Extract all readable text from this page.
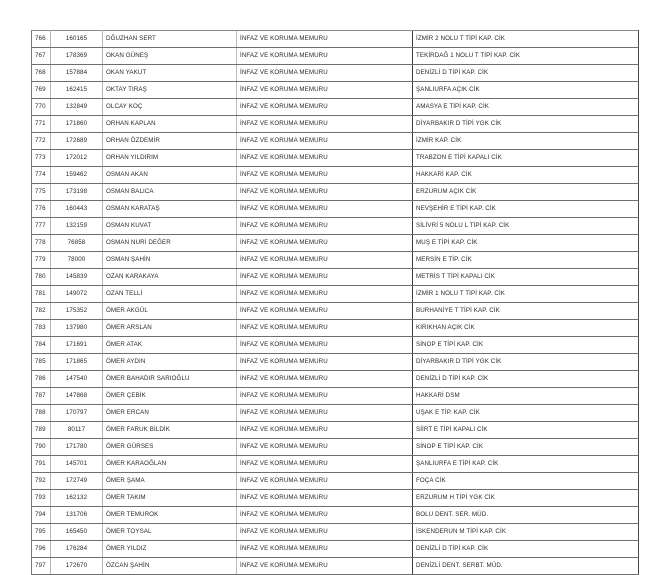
766	160165	DĞUZHAN SERT	İNFAZ VE KORUMA MEMURU	İZMİR 2 NOLU T TİPİ KAP. CİK
767	178369	OKAN GÜNEŞ	İNFAZ VE KORUMA MEMURU	TEKİRDAĞ 1 NOLU T TİPİ KAP. CİK
768	157884	OKAN YAKUT	İNFAZ VE KORUMA MEMURU	DENİZLİ D TİPİ KAP. CİK
769	162415	OKTAY TIRAŞ	İNFAZ VE KORUMA MEMURU	ŞANLIURFA AÇIK CİK
770	132849	OLCAY KOÇ	İNFAZ VE KORUMA MEMURU	AMASYA E TİPİ KAP. CİK
771	171860	ORHAN KAPLAN	İNFAZ VE KORUMA MEMURU	DİYARBAKIR D TİPİ YGK CİK
772	172689	ORHAN ÖZDEMİR	İNFAZ VE KORUMA MEMURU	İZMİR KAP. CİK
773	172012	ORHAN YILDIRIM	İNFAZ VE KORUMA MEMURU	TRABZON E TİPİ KAPALI CİK
774	159462	OSMAN AKAN	İNFAZ VE KORUMA MEMURU	HAKKARİ KAP. CİK
775	173198	OSMAN BALICA	İNFAZ VE KORUMA MEMURU	ERZURUM AÇIK CİK
776	160443	OSMAN KARATAŞ	İNFAZ VE KORUMA MEMURU	NEVŞEHİR E TİPİ KAP. CİK
777	132159	OSMAN KUVAT	İNFAZ VE KORUMA MEMURU	SİLİVRİ 5 NOLU L TİPİ KAP. CİK
778	76858	OSMAN NURİ DEĞER	İNFAZ VE KORUMA MEMURU	MUŞ E TİPİ KAP. CİK
779	78000	OSMAN ŞAHİN	İNFAZ VE KORUMA MEMURU	MERSİN E TİP. CİK
780	145839	OZAN KARAKAYA	İNFAZ VE KORUMA MEMURU	METRİS T TİPİ KAPALI CİK
781	149072	OZAN TELLİ	İNFAZ VE KORUMA MEMURU	İZMİR 1 NOLU T TİPİ KAP. CİK
782	175352	ÖMER AKGÜL	İNFAZ VE KORUMA MEMURU	BURHANİYE T TİPİ KAP. CİK
783	137980	ÖMER ARSLAN	İNFAZ VE KORUMA MEMURU	KIRIKHAN AÇIK CİK
784	171691	ÖMER ATAK	İNFAZ VE KORUMA MEMURU	SİNOP E TİPİ KAP. CİK
785	171865	ÖMER AYDIN	İNFAZ VE KORUMA MEMURU	DİYARBAKIR D TİPİ YGK CİK
786	147540	ÖMER BAHADIR SARIOĞLU	İNFAZ VE KORUMA MEMURU	DENİZLİ D TİPİ KAP. CİK
787	147868	ÖMER ÇEBİK	İNFAZ VE KORUMA MEMURU	HAKKARİ DSM
788	170797	ÖMER ERCAN	İNFAZ VE KORUMA MEMURU	UŞAK E TİP. KAP. CİK
789	80117	ÖMER FARUK BİLDİK	İNFAZ VE KORUMA MEMURU	SİİRT E TİPİ KAPALI CİK
790	171780	ÖMER GÜRSES	İNFAZ VE KORUMA MEMURU	SİNOP E TİPİ KAP. CİK
791	145701	ÖMER KARAOĞLAN	İNFAZ VE KORUMA MEMURU	ŞANLIURFA E TİPİ KAP. CİK
792	172749	ÖMER ŞAMA	İNFAZ VE KORUMA MEMURU	FOÇA CİK
793	162132	ÖMER TAKIM	İNFAZ VE KORUMA MEMURU	ERZURUM H TİPİ YGK CİK
794	131706	ÖMER TEMUROK	İNFAZ VE KORUMA MEMURU	BOLU DENT. SER. MÜD.
795	165450	ÖMER TOYSAL	İNFAZ VE KORUMA MEMURU	İSKENDERUN M TİPİ KAP. CİK
796	176284	ÖMER YILDIZ	İNFAZ VE KORUMA MEMURU	DENİZLİ D TİPİ KAP. CİK
797	172670	ÖZCAN ŞAHİN	İNFAZ VE KORUMA MEMURU	DENİZLİ DENT. SERBT. MÜD.
